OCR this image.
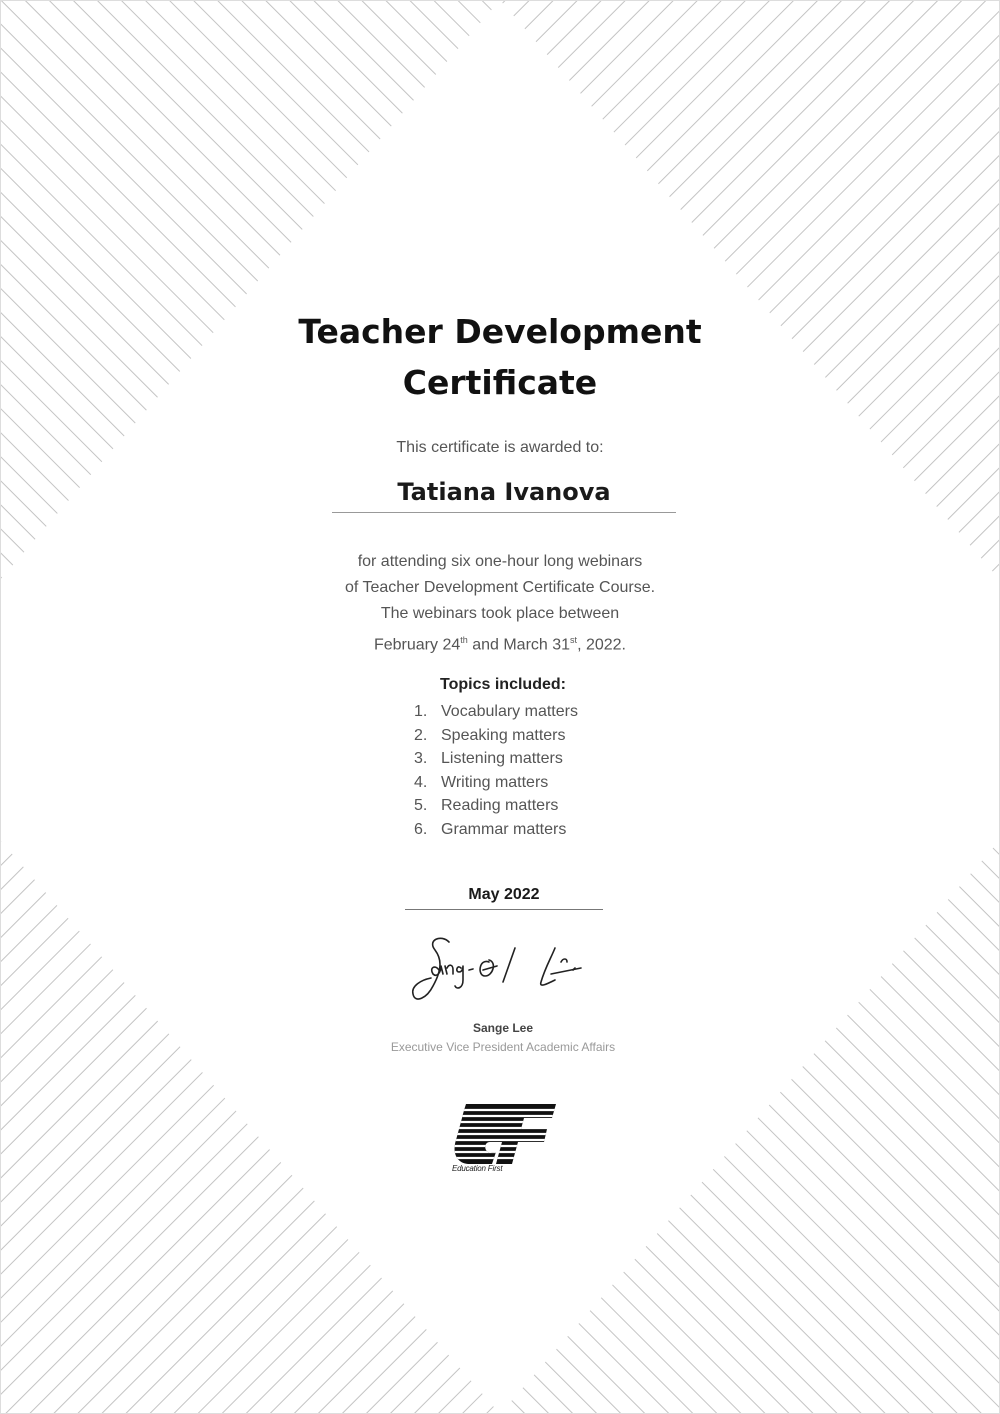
Teacher Development
Certificate
This certificate is awarded to:
Tatiana Ivanova
for attending six one-hour long webinars
of Teacher Development Certificate Course.
The webinars took place between
February 24th and March 31st, 2022.
Topics included:
1. Vocabulary matters
2. Speaking matters
3. Listening matters
4. Writing matters
5. Reading matters
6. Grammar matters
May 2022
Sange Lee
Executive Vice President Academic Affairs
Education First
